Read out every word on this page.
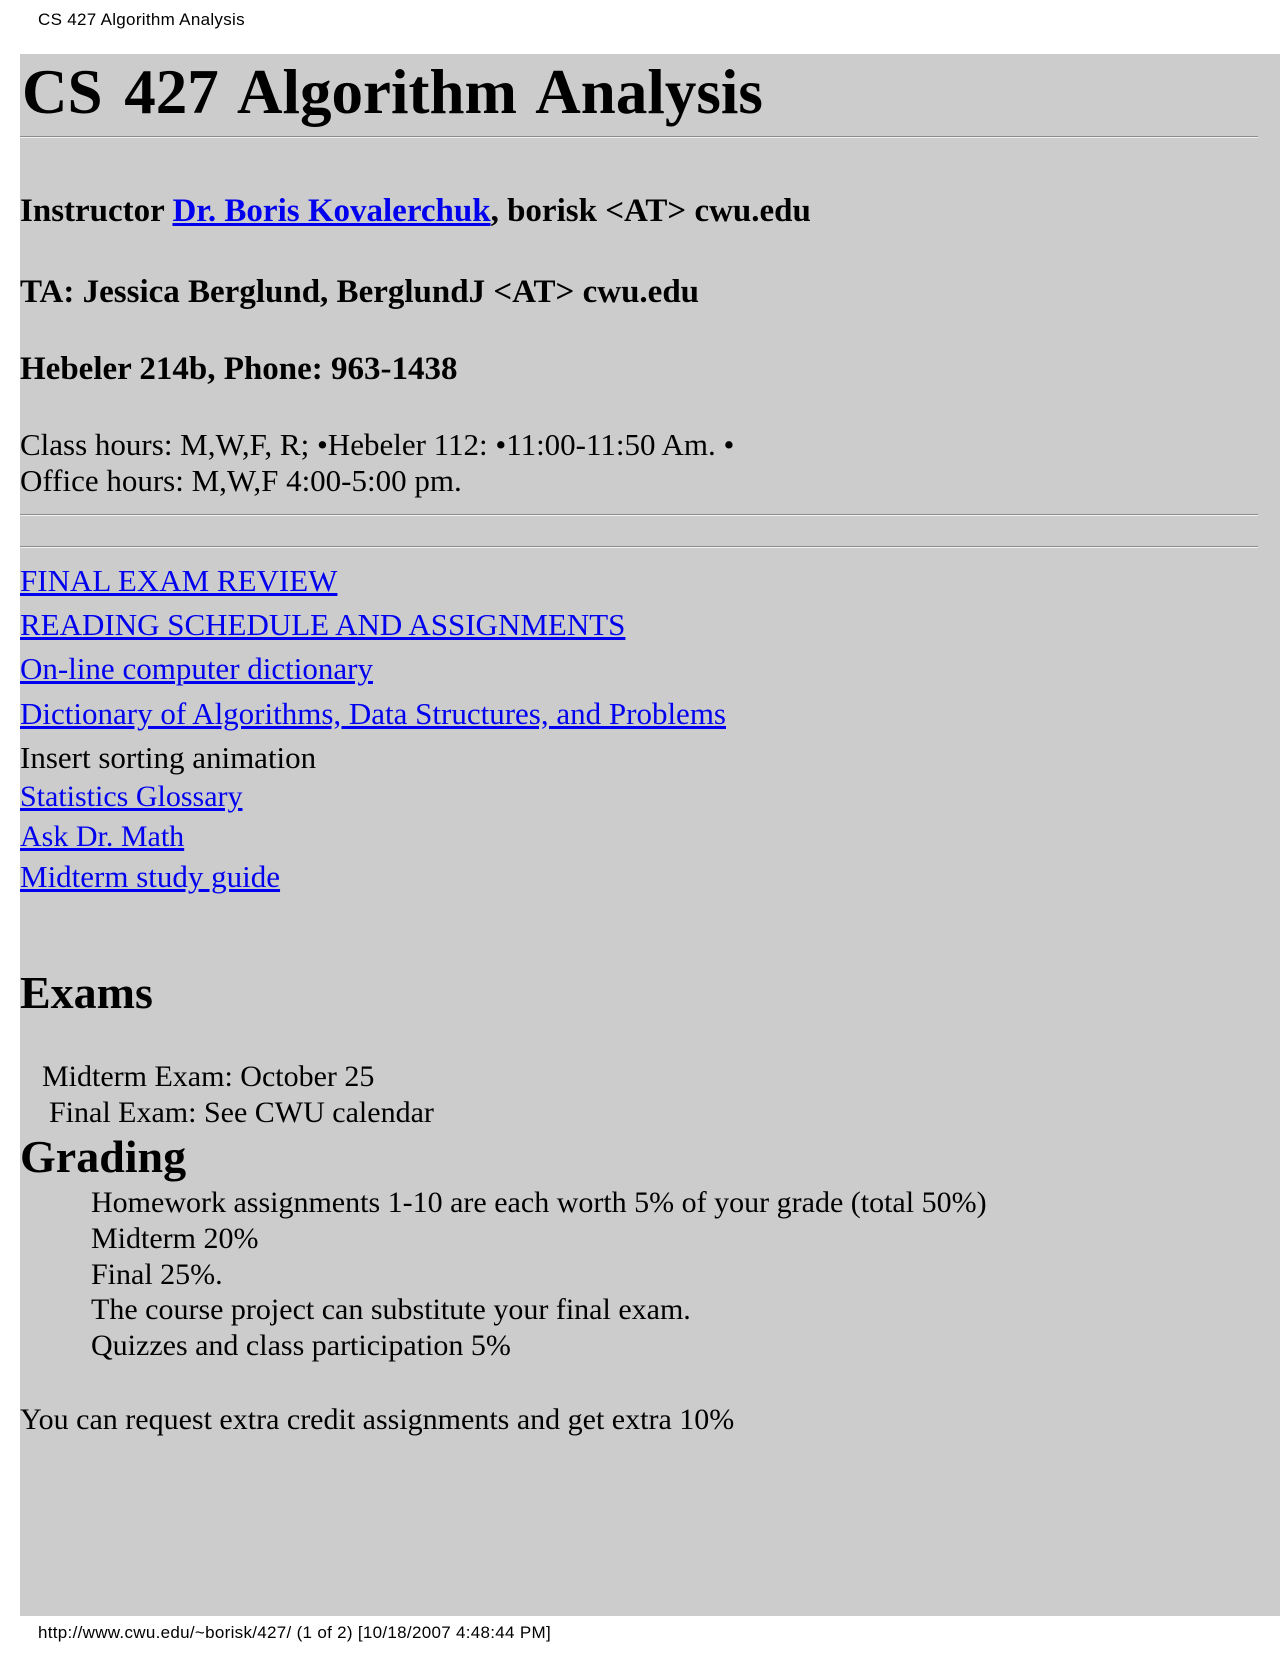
CS 427 Algorithm Analysis
CS 427 Algorithm Analysis
Instructor Dr. Boris Kovalerchuk, borisk <AT> cwu.edu
TA: Jessica Berglund, BerglundJ <AT> cwu.edu
Hebeler 214b, Phone: 963-1438
Class hours: M,W,F, R; •Hebeler 112: •11:00-11:50 Am. •
Office hours: M,W,F 4:00-5:00 pm.
FINAL EXAM REVIEW
READING SCHEDULE AND ASSIGNMENTS
On-line computer dictionary
Dictionary of Algorithms, Data Structures, and Problems
Insert sorting animation
Statistics Glossary
Ask Dr. Math
Midterm study guide
Exams
Midterm Exam: October 25
Final Exam: See CWU calendar
Grading
Homework assignments 1-10 are each worth 5% of your grade (total 50%)
Midterm 20%
Final 25%.
The course project can substitute your final exam.
Quizzes and class participation 5%
You can request extra credit assignments and get extra 10%
http://www.cwu.edu/~borisk/427/ (1 of 2) [10/18/2007 4:48:44 PM]
